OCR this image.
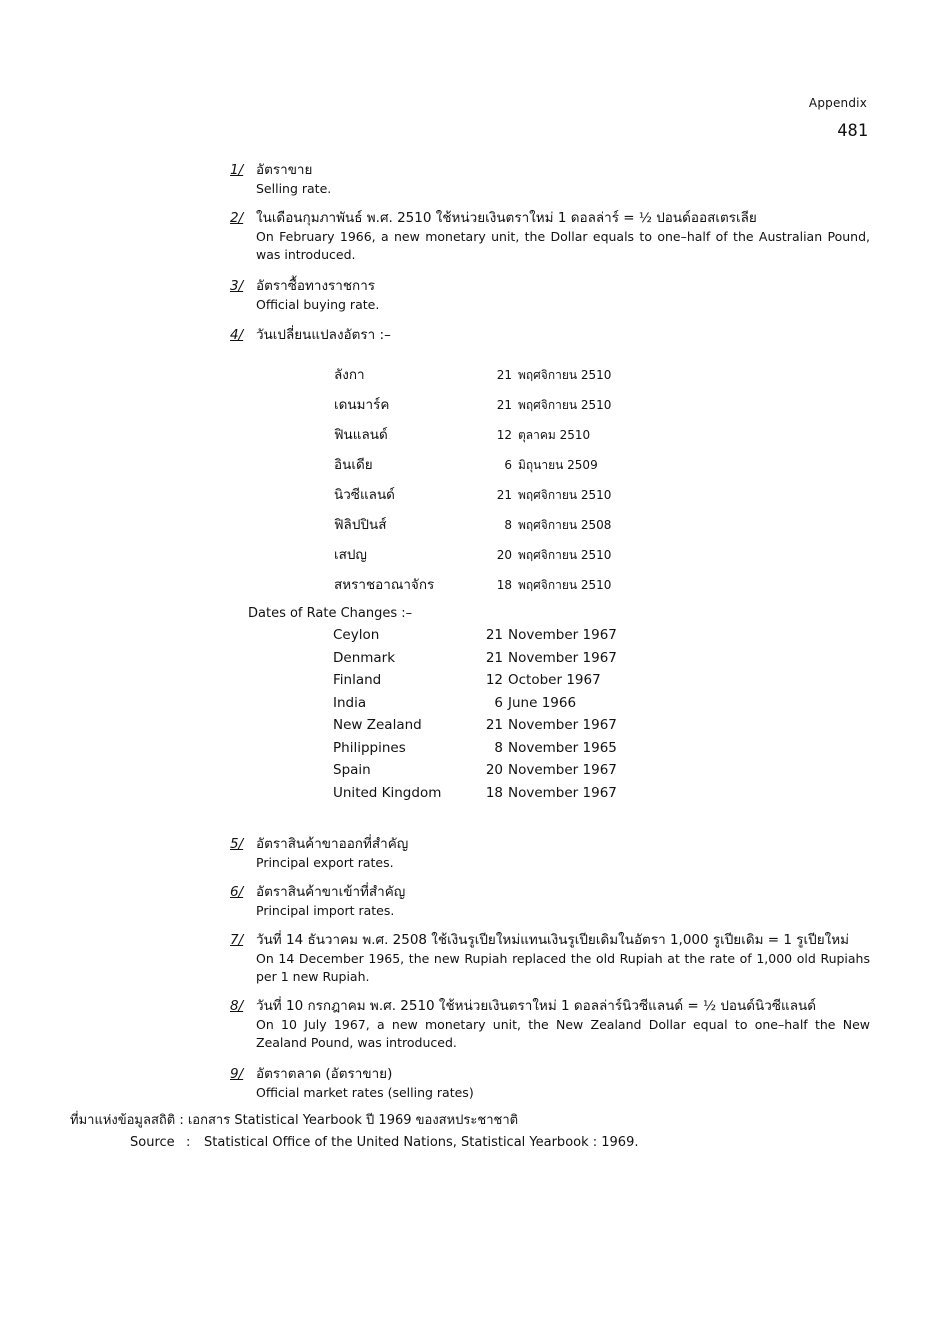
Appendix
481
1/ อัตราขาย
Selling rate.
2/ ในเดือนกุมภาพันธ์ พ.ศ. 2510 ใช้หน่วยเงินตราใหม่ 1 ดอลล่าร์ = ½ ปอนด์ออสเตรเลีย
On February 1966, a new monetary unit, the Dollar equals to one–half of the Australian Pound, was introduced.
3/ อัตราซื้อทางราชการ
Official buying rate.
4/ วันเปลี่ยนแปลงอัตรา :–
ลังกา	21 พฤศจิกายน 2510
เดนมาร์ค	21 พฤศจิกายน 2510
ฟินแลนด์	12 ตุลาคม 2510
อินเดีย	6 มิถุนายน 2509
นิวซีแลนด์	21 พฤศจิกายน 2510
ฟิลิปปินส์	8 พฤศจิกายน 2508
เสปญ	20 พฤศจิกายน 2510
สหราชอาณาจักร	18 พฤศจิกายน 2510
Dates of Rate Changes :–
Ceylon	21 November 1967
Denmark	21 November 1967
Finland	12 October 1967
India	6 June 1966
New Zealand	21 November 1967
Philippines	8 November 1965
Spain	20 November 1967
United Kingdom	18 November 1967
5/ อัตราสินค้าขาออกที่สำคัญ
Principal export rates.
6/ อัตราสินค้าขาเข้าที่สำคัญ
Principal import rates.
7/ วันที่ 14 ธันวาคม พ.ศ. 2508 ใช้เงินรูเปียใหม่แทนเงินรูเปียเดิมในอัตรา 1,000 รูเปียเดิม = 1 รูเปียใหม่
On 14 December 1965, the new Rupiah replaced the old Rupiah at the rate of 1,000 old Rupiahs per 1 new Rupiah.
8/ วันที่ 10 กรกฎาคม พ.ศ. 2510 ใช้หน่วยเงินตราใหม่ 1 ดอลล่าร์นิวซีแลนด์ = ½ ปอนด์นิวซีแลนด์
On 10 July 1967, a new monetary unit, the New Zealand Dollar equal to one–half the New Zealand Pound, was introduced.
9/ อัตราตลาด (อัตราขาย)
Official market rates (selling rates)
ที่มาแห่งข้อมูลสถิติ : เอกสาร Statistical Yearbook ปี 1969 ของสหประชาชาติ
Source : Statistical Office of the United Nations, Statistical Yearbook : 1969.
